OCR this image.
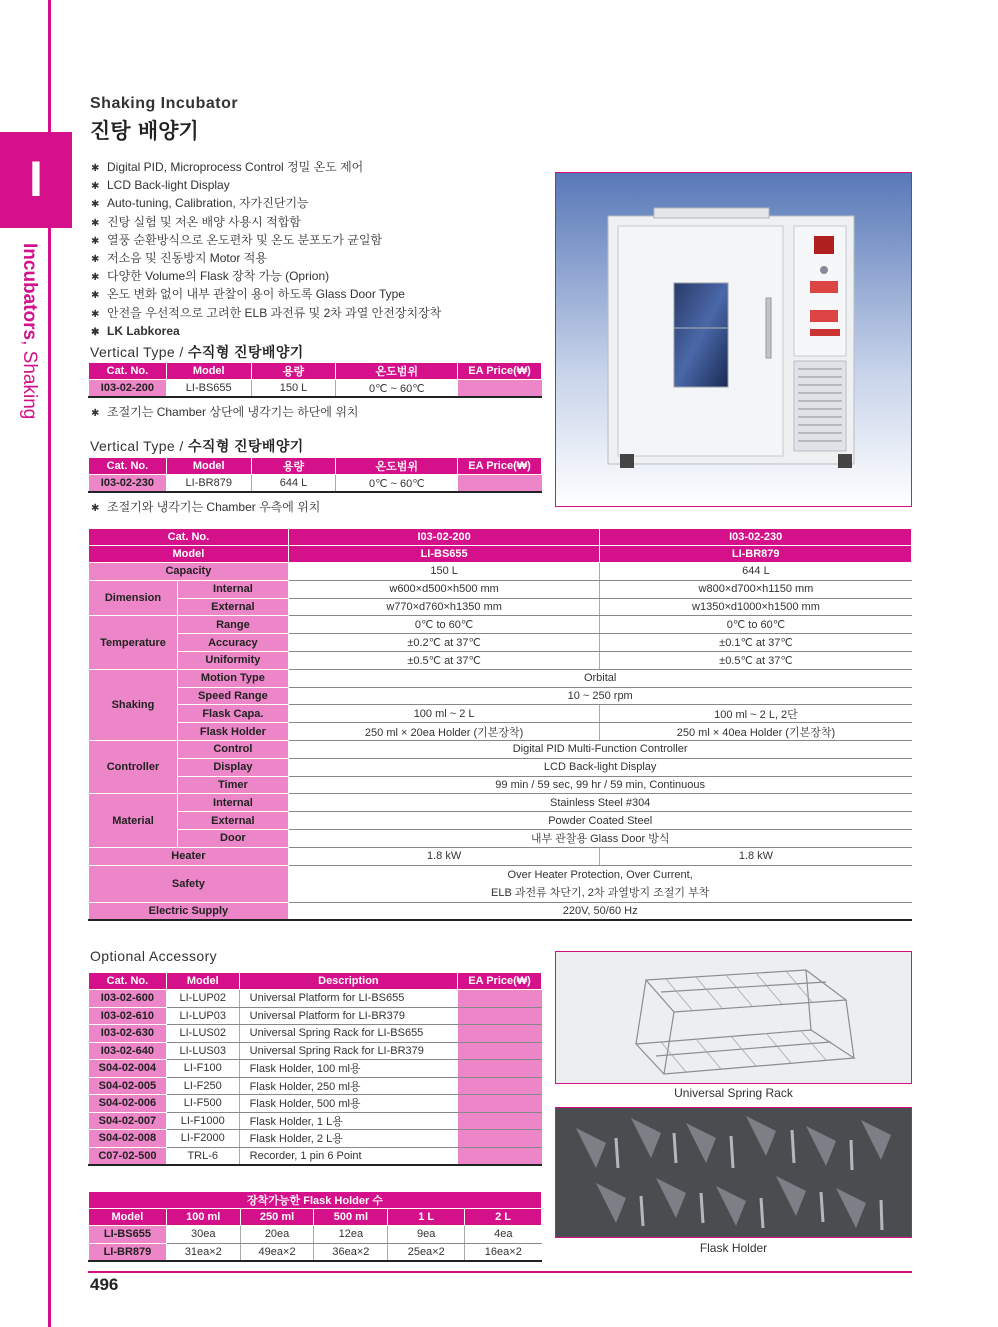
I
Incubators, Shaking
Shaking Incubator
진탕 배양기
✱ Digital PID, Microprocess Control 정밀 온도 제어
✱ LCD Back-light Display
✱ Auto-tuning, Calibration, 자가진단기능
✱ 진탕 실험 및 저온 배양 사용시 적합함
✱ 열풍 순환방식으로 온도편차 및 온도 분포도가 균일함
✱ 저소음 및 진동방지 Motor 적용
✱ 다양한 Volume의 Flask 장착 가능 (Oprion)
✱ 온도 변화 없이 내부 관찰이 용이 하도록 Glass Door Type
✱ 안전을 우선적으로 고려한 ELB 과전류 및 2차 과열 안전장치장착
✱ LK Labkorea
Vertical Type / 수직형 진탕배양기
Cat. No.	Model	용량	온도범위	EA Price(₩)
I03-02-200	LI-BS655	150 L	0℃ ~ 60℃	
✱ 조절기는 Chamber 상단에 냉각기는 하단에 위치
Vertical Type / 수직형 진탕배양기
Cat. No.	Model	용량	온도범위	EA Price(₩)
I03-02-230	LI-BR879	644 L	0℃ ~ 60℃	
✱ 조절기와 냉각기는 Chamber 우측에 위치
Cat. No.		I03-02-200	I03-02-230
Model		LI-BS655	LI-BR879
Capacity		150 L	644 L
Dimension	Internal	w600×d500×h500 mm	w800×d700×h1150 mm
	External	w770×d760×h1350 mm	w1350×d1000×h1500 mm
Temperature	Range	0℃ to 60℃	0℃ to 60℃
	Accuracy	±0.2℃ at 37℃	±0.1℃ at 37℃
	Uniformity	±0.5℃ at 37℃	±0.5℃ at 37℃
Shaking	Motion Type	Orbital	
	Speed Range	10 ~ 250 rpm	
	Flask Capa.	100 ml ~ 2 L	100 ml ~ 2 L, 2단
	Flask Holder	250 ml × 20ea Holder (기본장착)	250 ml × 40ea Holder (기본장착)
Controller	Control	Digital PID Multi-Function Controller	
	Display	LCD Back-light Display	
	Timer	99 min / 59 sec, 99 hr / 59 min, Continuous	
Material	Internal	Stainless Steel #304	
	External	Powder Coated Steel	
	Door	내부 관찰용 Glass Door 방식	
Heater		1.8 kW	1.8 kW
Safety		Over Heater Protection, Over Current,
ELB 과전류 차단기, 2차 과열방지 조절기 부착	

Electric Supply		220V, 50/60 Hz	
Optional Accessory
Cat. No.	Model	Description	EA Price(₩)
I03-02-600	LI-LUP02	Universal Platform for LI-BS655	
I03-02-610	LI-LUP03	Universal Platform for LI-BR379	
I03-02-630	LI-LUS02	Universal Spring Rack for LI-BS655	
I03-02-640	LI-LUS03	Universal Spring Rack for LI-BR379	
S04-02-004	LI-F100	Flask Holder, 100 ml용	
S04-02-005	LI-F250	Flask Holder, 250 ml용	
S04-02-006	LI-F500	Flask Holder, 500 ml용	
S04-02-007	LI-F1000	Flask Holder, 1 L용	
S04-02-008	LI-F2000	Flask Holder, 2 L용	
C07-02-500	TRL-6	Recorder, 1 pin 6 Point	
장착가능한 Flask Holder 수					
Model	100 ml	250 ml	500 ml	1 L	2 L
LI-BS655	30ea	20ea	12ea	9ea	4ea
LI-BR879	31ea×2	49ea×2	36ea×2	25ea×2	16ea×2
Universal Spring Rack
Flask Holder
496
